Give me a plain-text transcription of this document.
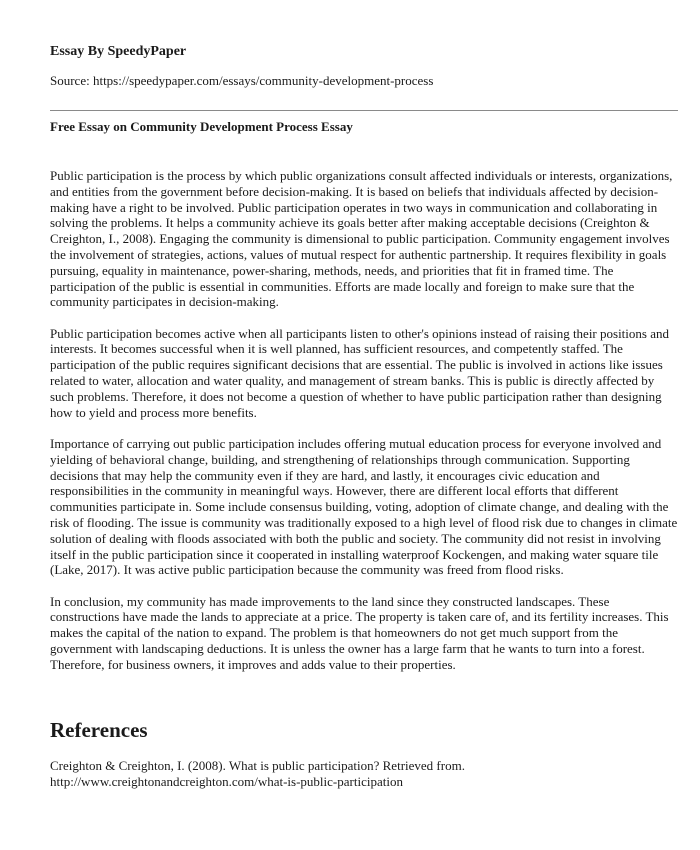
Essay By SpeedyPaper
Source: https://speedypaper.com/essays/community-development-process
Free Essay on Community Development Process Essay

Public participation is the process by which public organizations consult affected individuals or interests, organizations, and entities from the government before decision-making. It is based on beliefs that individuals affected by decision-making have a right to be involved. Public participation operates in two ways in communication and collaborating in solving the problems. It helps a community achieve its goals better after making acceptable decisions (Creighton & Creighton, I., 2008). Engaging the community is dimensional to public participation. Community engagement involves the involvement of strategies, actions, values of mutual respect for authentic partnership. It requires flexibility in goals pursuing, equality in maintenance, power-sharing, methods, needs, and priorities that fit in framed time. The participation of the public is essential in communities. Efforts are made locally and foreign to make sure that the community participates in decision-making.

Public participation becomes active when all participants listen to other's opinions instead of raising their positions and interests. It becomes successful when it is well planned, has sufficient resources, and competently staffed. The participation of the public requires significant decisions that are essential. The public is involved in actions like issues related to water, allocation and water quality, and management of stream banks. This is public is directly affected by such problems. Therefore, it does not become a question of whether to have public participation rather than designing how to yield and process more benefits.

Importance of carrying out public participation includes offering mutual education process for everyone involved and yielding of behavioral change, building, and strengthening of relationships through communication. Supporting decisions that may help the community even if they are hard, and lastly, it encourages civic education and responsibilities in the community in meaningful ways. However, there are different local efforts that different communities participate in. Some include consensus building, voting, adoption of climate change, and dealing with the risk of flooding. The issue is community was traditionally exposed to a high level of flood risk due to changes in climate solution of dealing with floods associated with both the public and society. The community did not resist in involving itself in the public participation since it cooperated in installing waterproof Kockengen, and making water square tile (Lake, 2017). It was active public participation because the community was freed from flood risks.

In conclusion, my community has made improvements to the land since they constructed landscapes. These constructions have made the lands to appreciate at a price. The property is taken care of, and its fertility increases. This makes the capital of the nation to expand. The problem is that homeowners do not get much support from the government with landscaping deductions. It is unless the owner has a large farm that he wants to turn into a forest. Therefore, for business owners, it improves and adds value to their properties.

References

Creighton & Creighton, I. (2008). What is public participation? Retrieved from. http://www.creightonandcreighton.com/what-is-public-participation
